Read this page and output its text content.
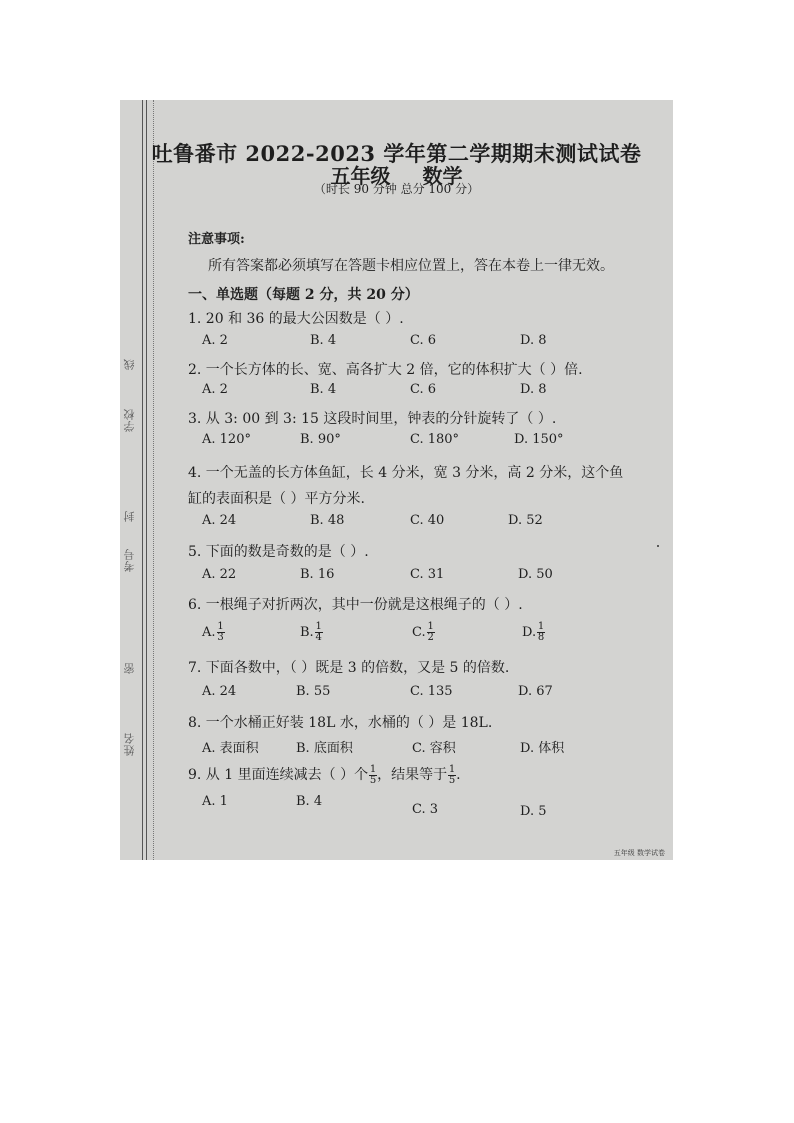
线
学校
封
考号
密
姓名
吐鲁番市 2022-2023 学年第二学期期末测试试卷
五年级 数学
（时长 90 分钟 总分 100 分）
注意事项:
所有答案都必须填写在答题卡相应位置上，答在本卷上一律无效。
一、单选题（每题 2 分，共 20 分）
1. 20 和 36 的最大公因数是（ ）.
A. 2	B. 4	C. 6	D. 8
2. 一个长方体的长、宽、高各扩大 2 倍，它的体积扩大（ ）倍.
A. 2	B. 4	C. 6	D. 8
3. 从 3: 00 到 3: 15 这段时间里，钟表的分针旋转了（ ）.
A. 120°	B. 90°	C. 180°	D. 150°
4. 一个无盖的长方体鱼缸，长 4 分米，宽 3 分米，高 2 分米，这个鱼
缸的表面积是（ ）平方分米.
A. 24	B. 48	C. 40	D. 52
5. 下面的数是奇数的是（ ）.
A. 22	B. 16	C. 31	D. 50
6. 一根绳子对折两次，其中一份就是这根绳子的（ ）.
A. $\frac{1}{3}$	B. $\frac{1}{4}$	C. $\frac{1}{2}$	D. $\frac{1}{8}$
7. 下面各数中，（ ）既是 3 的倍数，又是 5 的倍数.
A. 24	B. 55	C. 135	D. 67
8. 一个水桶正好装 18L 水，水桶的（ ）是 18L.
A. 表面积	B. 底面积	C. 容积	D. 体积
9. 从 1 里面连续减去（ ）个 $\frac{1}{5}$ ，结果等于 $\frac{1}{5}$ .
A. 1	B. 4
C. 3	D. 5
五年级 数学试卷
